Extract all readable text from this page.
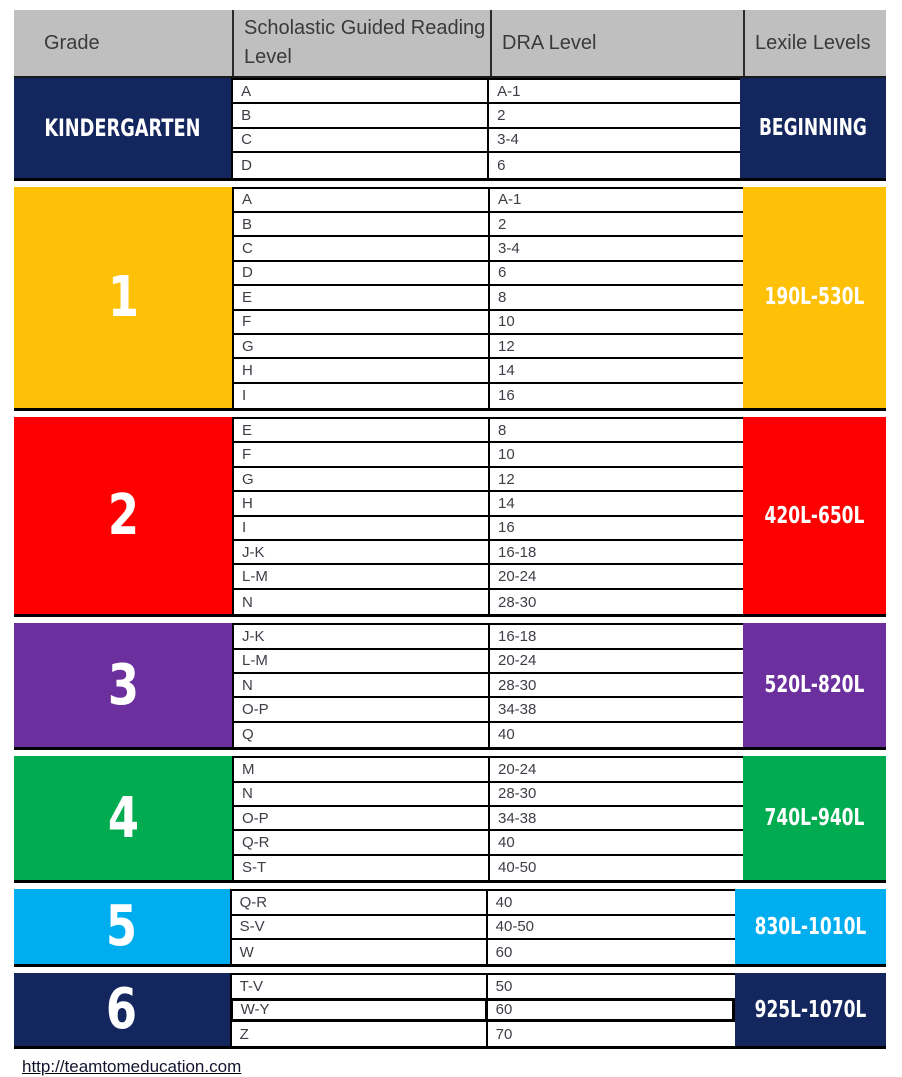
Grade
Scholastic Guided Reading Level
DRA Level	Lexile Levels
KINDERGARTEN
A	A-1
B	2
C	3-4
D	6
BEGINNING
1
A	A-1
B	2
C	3-4
D	6
E	8
F	10
G	12
H	14
I	16
190L-530L
2
E	8
F	10
G	12
H	14
I	16
J-K	16-18
L-M	20-24
N	28-30
420L-650L
3
J-K	16-18
L-M	20-24
N	28-30
O-P	34-38
Q	40
520L-820L
4
M	20-24
N	28-30
O-P	34-38
Q-R	40
S-T	40-50
740L-940L
5	Q-R	40
S-V	40-50
W	60
830L-1010L
6	T-V	50
W-Y	60
Z	70
925L-1070L
http://teamtomeducation.com
